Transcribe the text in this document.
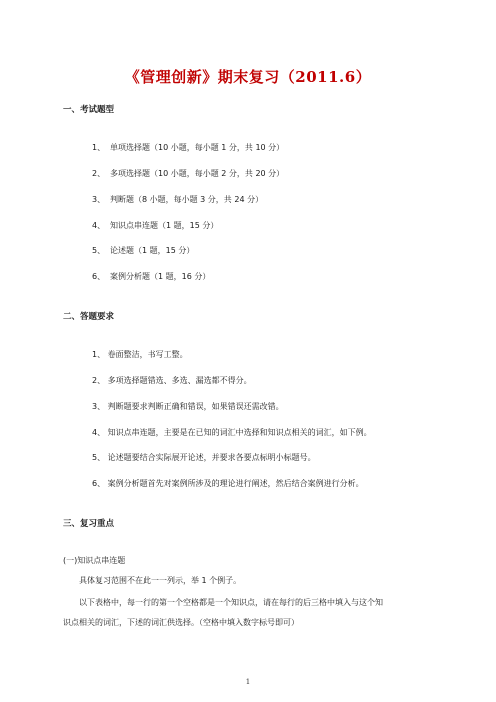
《管理创新》期末复习（2011.6）
一、考试题型
1、 单项选择题（10 小题，每小题 1 分，共 10 分）
2、 多项选择题（10 小题，每小题 2 分，共 20 分）
3、 判断题（8 小题，每小题 3 分，共 24 分）
4、 知识点串连题（1 题，15 分）
5、 论述题（1 题，15 分）
6、 案例分析题（1 题，16 分）
二、答题要求
1、 卷面整洁，书写工整。
2、 多项选择题错选、多选、漏选都不得分。
3、 判断题要求判断正确和错误，如果错误还需改错。
4、 知识点串连题，主要是在已知的词汇中选择和知识点相关的词汇，如下例。
5、 论述题要结合实际展开论述，并要求各要点标明小标题号。
6、 案例分析题首先对案例所涉及的理论进行阐述，然后结合案例进行分析。
三、复习重点
(一)知识点串连题
具体复习范围不在此一一列示，举 1 个例子。
以下表格中，每一行的第一个空格都是一个知识点，请在每行的后三格中填入与这个知
识点相关的词汇，下述的词汇供选择。（空格中填入数字标号即可）
1
